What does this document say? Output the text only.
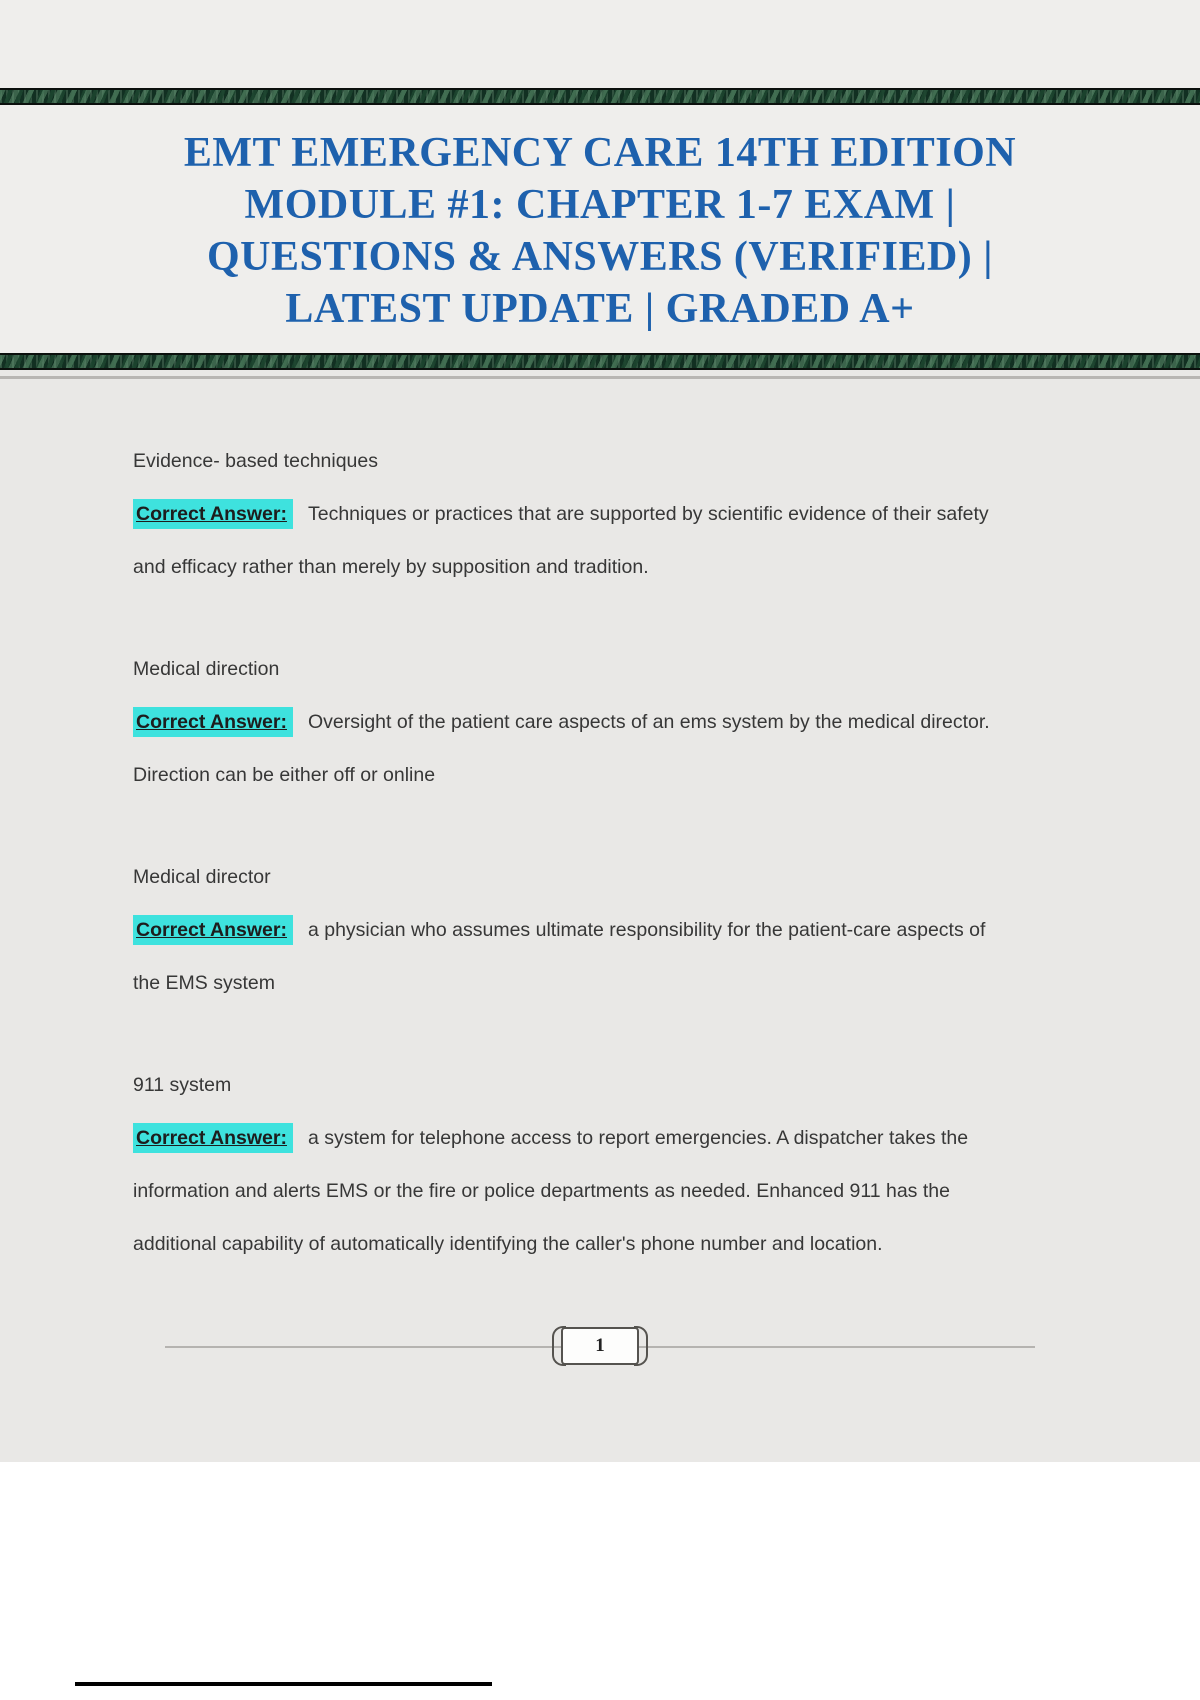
EMT EMERGENCY CARE 14TH EDITION
MODULE #1: CHAPTER 1-7 EXAM |
QUESTIONS & ANSWERS (VERIFIED) |
LATEST UPDATE | GRADED A+

Evidence- based techniques

Correct Answer: Techniques or practices that are supported by scientific evidence of their safety and efficacy rather than merely by supposition and tradition.

Medical direction

Correct Answer: Oversight of the patient care aspects of an ems system by the medical director. Direction can be either off or online

Medical director

Correct Answer: a physician who assumes ultimate responsibility for the patient-care aspects of the EMS system

911 system

Correct Answer: a system for telephone access to report emergencies. A dispatcher takes the information and alerts EMS or the fire or police departments as needed. Enhanced 911 has the additional capability of automatically identifying the caller's phone number and location.

1
